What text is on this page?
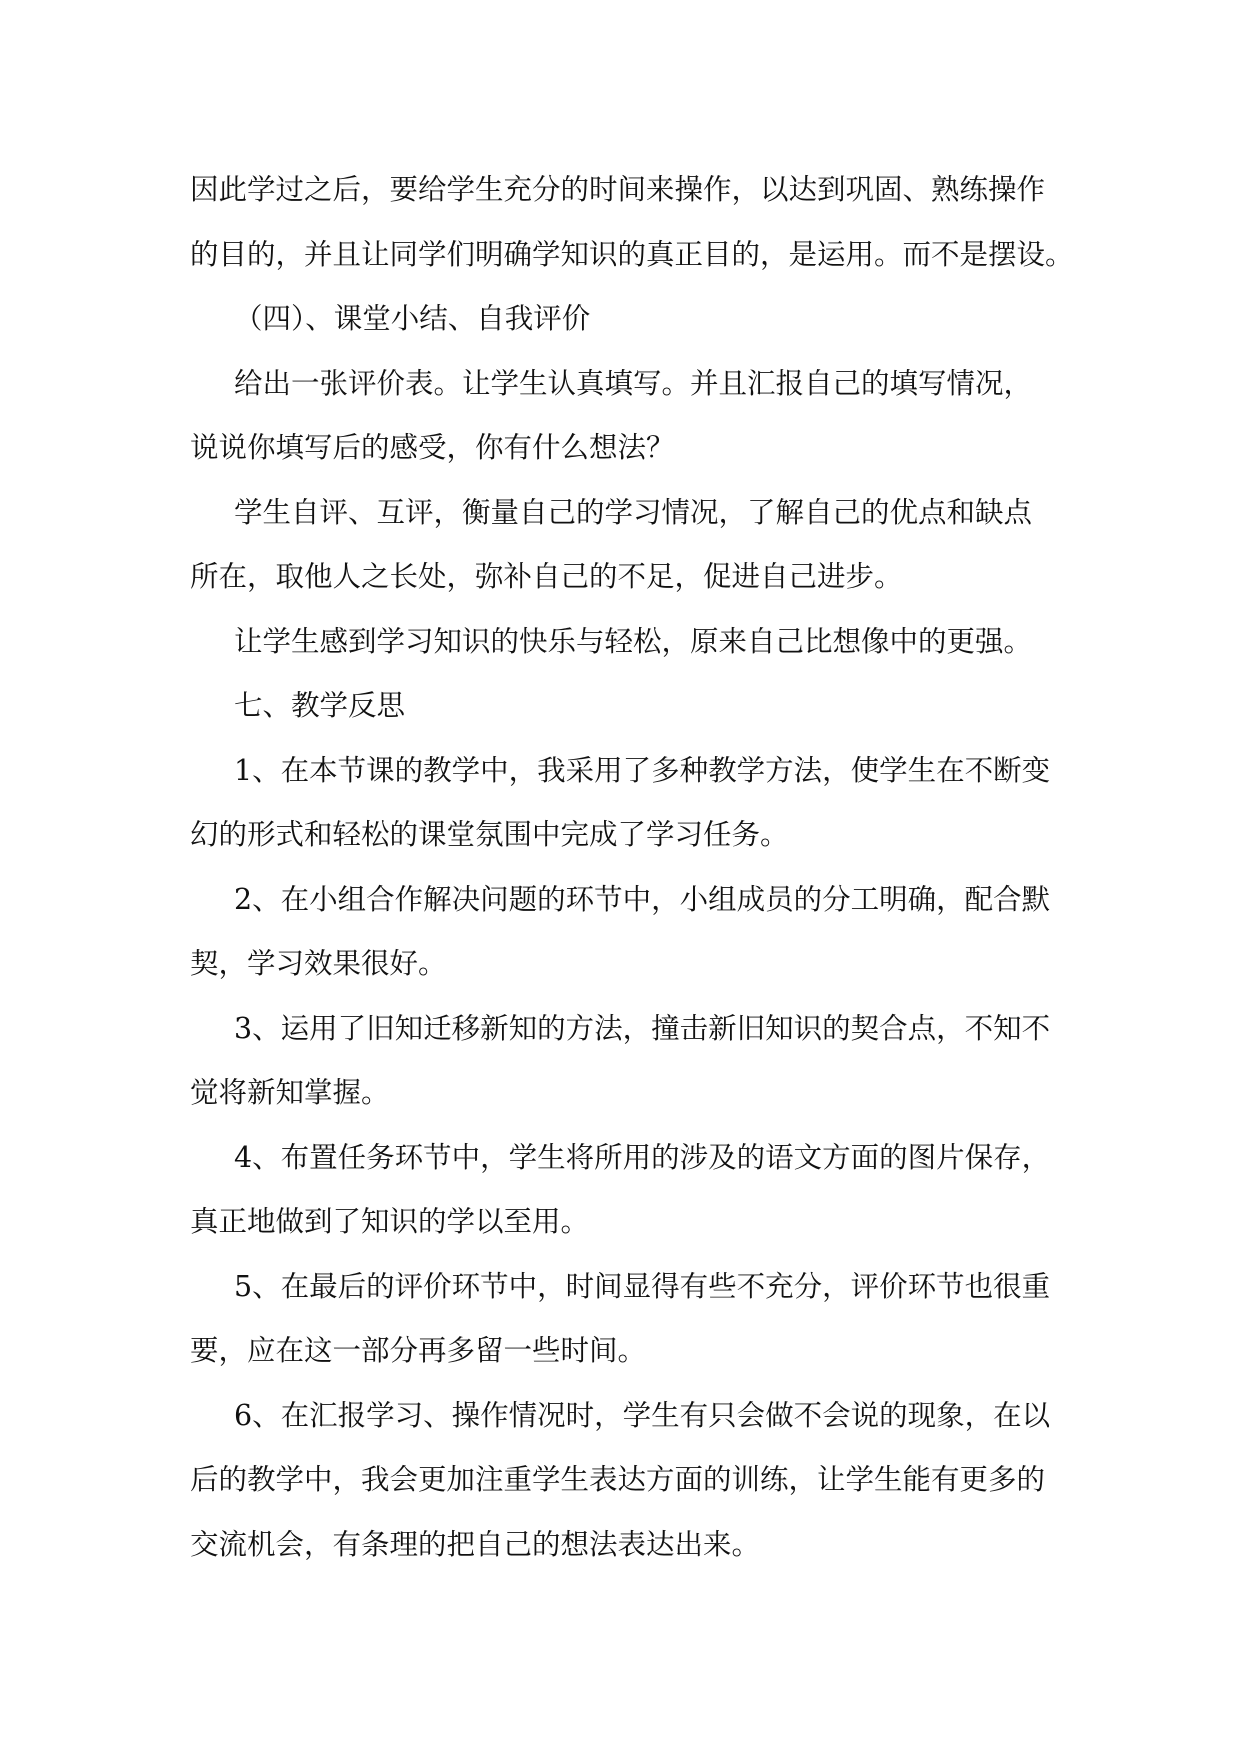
因此学过之后，要给学生充分的时间来操作，以达到巩固、熟练操作
的目的，并且让同学们明确学知识的真正目的，是运用。而不是摆设。
（四）、课堂小结、自我评价
给出一张评价表。让学生认真填写。并且汇报自己的填写情况，
说说你填写后的感受，你有什么想法？
学生自评、互评，衡量自己的学习情况，了解自己的优点和缺点
所在，取他人之长处，弥补自己的不足，促进自己进步。
让学生感到学习知识的快乐与轻松，原来自己比想像中的更强。
七、教学反思
1、在本节课的教学中，我采用了多种教学方法，使学生在不断变
幻的形式和轻松的课堂氛围中完成了学习任务。
2、在小组合作解决问题的环节中，小组成员的分工明确，配合默
契，学习效果很好。
3、运用了旧知迁移新知的方法，撞击新旧知识的契合点，不知不
觉将新知掌握。
4、布置任务环节中，学生将所用的涉及的语文方面的图片保存，
真正地做到了知识的学以至用。
5、在最后的评价环节中，时间显得有些不充分，评价环节也很重
要，应在这一部分再多留一些时间。
6、在汇报学习、操作情况时，学生有只会做不会说的现象，在以
后的教学中，我会更加注重学生表达方面的训练，让学生能有更多的
交流机会，有条理的把自己的想法表达出来。
